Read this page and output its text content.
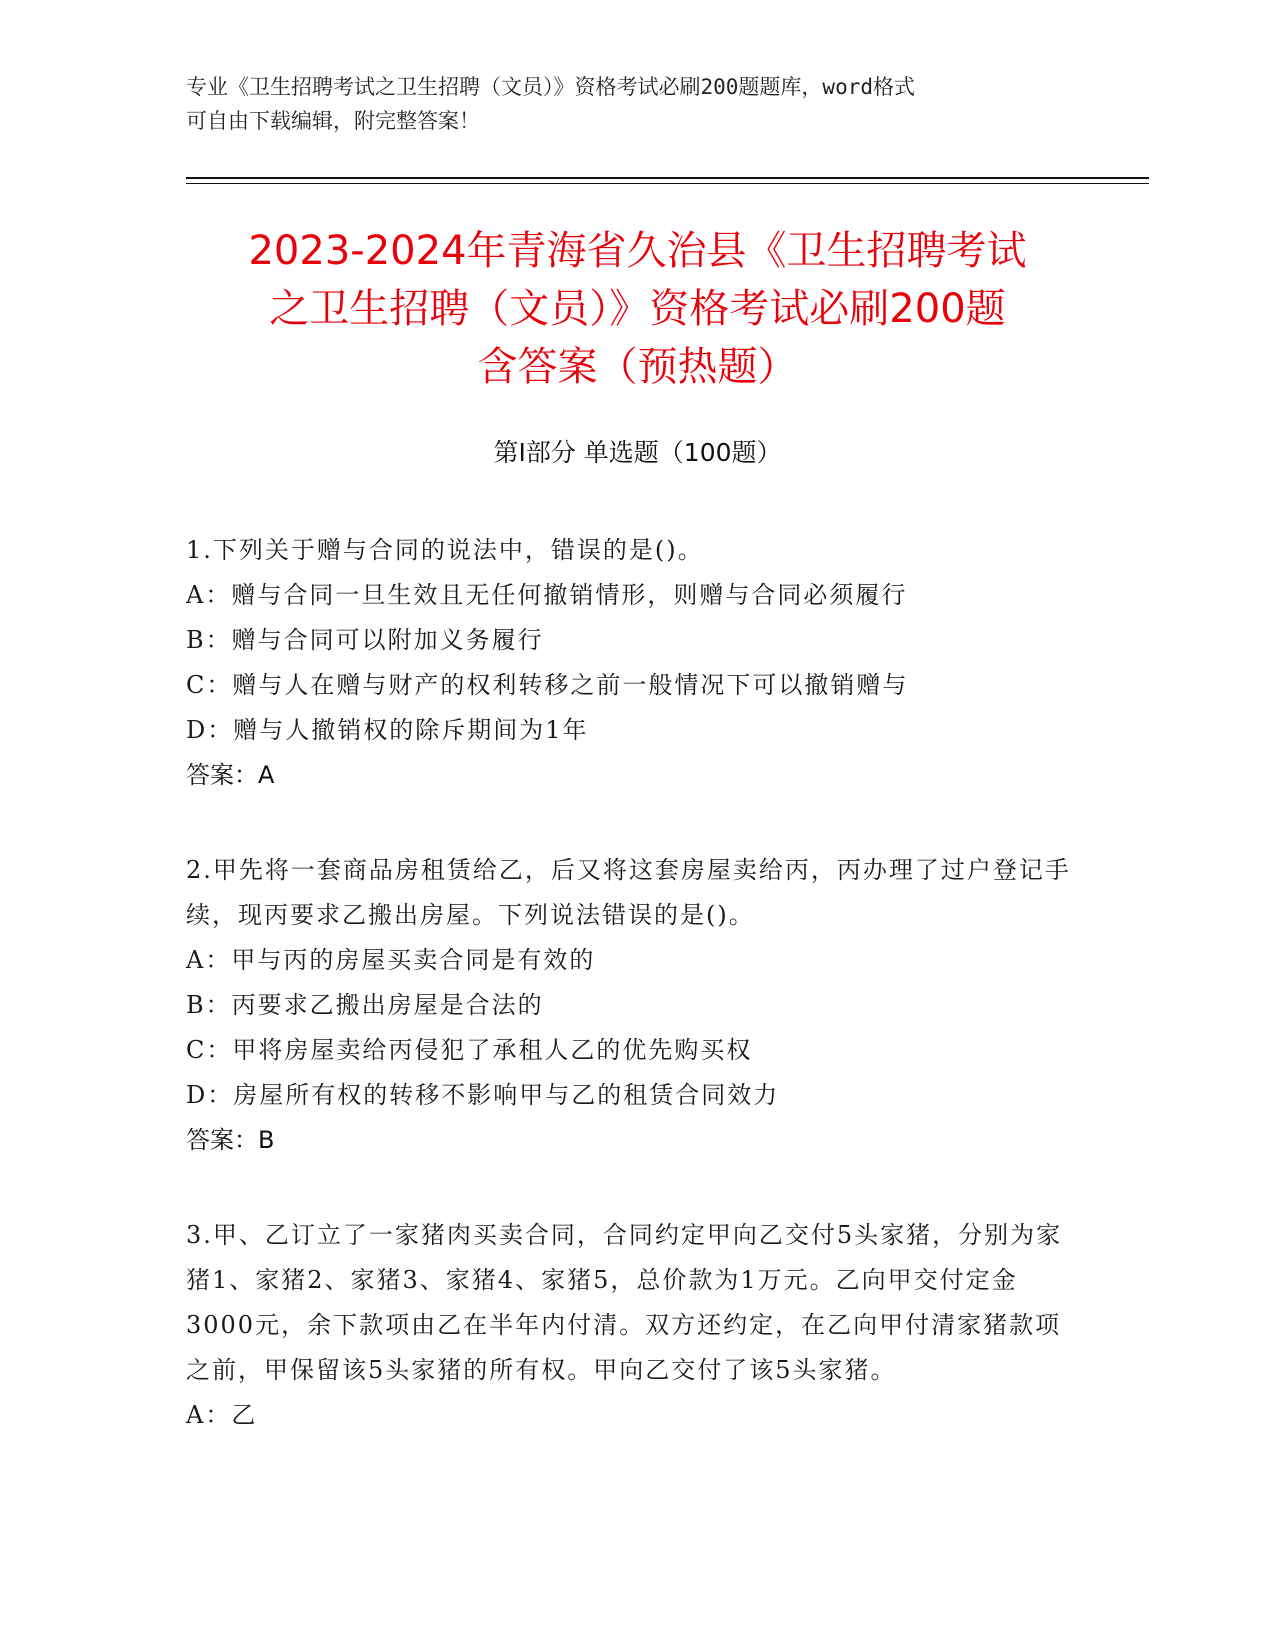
专业《卫生招聘考试之卫生招聘（文员）》资格考试必刷200题题库，word格式
可自由下载编辑，附完整答案！
2023-2024年青海省久治县《卫生招聘考试
之卫生招聘（文员）》资格考试必刷200题
含答案（预热题）
第Ⅰ部分 单选题（100题）
1.下列关于赠与合同的说法中，错误的是()。
A：赠与合同一旦生效且无任何撤销情形，则赠与合同必须履行
B：赠与合同可以附加义务履行
C：赠与人在赠与财产的权利转移之前一般情况下可以撤销赠与
D：赠与人撤销权的除斥期间为1年
答案：A
2.甲先将一套商品房租赁给乙，后又将这套房屋卖给丙，丙办理了过户登记手续，现丙要求乙搬出房屋。下列说法错误的是()。
A：甲与丙的房屋买卖合同是有效的
B：丙要求乙搬出房屋是合法的
C：甲将房屋卖给丙侵犯了承租人乙的优先购买权
D：房屋所有权的转移不影响甲与乙的租赁合同效力
答案：B
3.甲、乙订立了一家猪肉买卖合同，合同约定甲向乙交付5头家猪，分别为家猪1、家猪2、家猪3、家猪4、家猪5，总价款为1万元。乙向甲交付定金3000元，余下款项由乙在半年内付清。双方还约定，在乙向甲付清家猪款项之前，甲保留该5头家猪的所有权。甲向乙交付了该5头家猪。
A：乙
